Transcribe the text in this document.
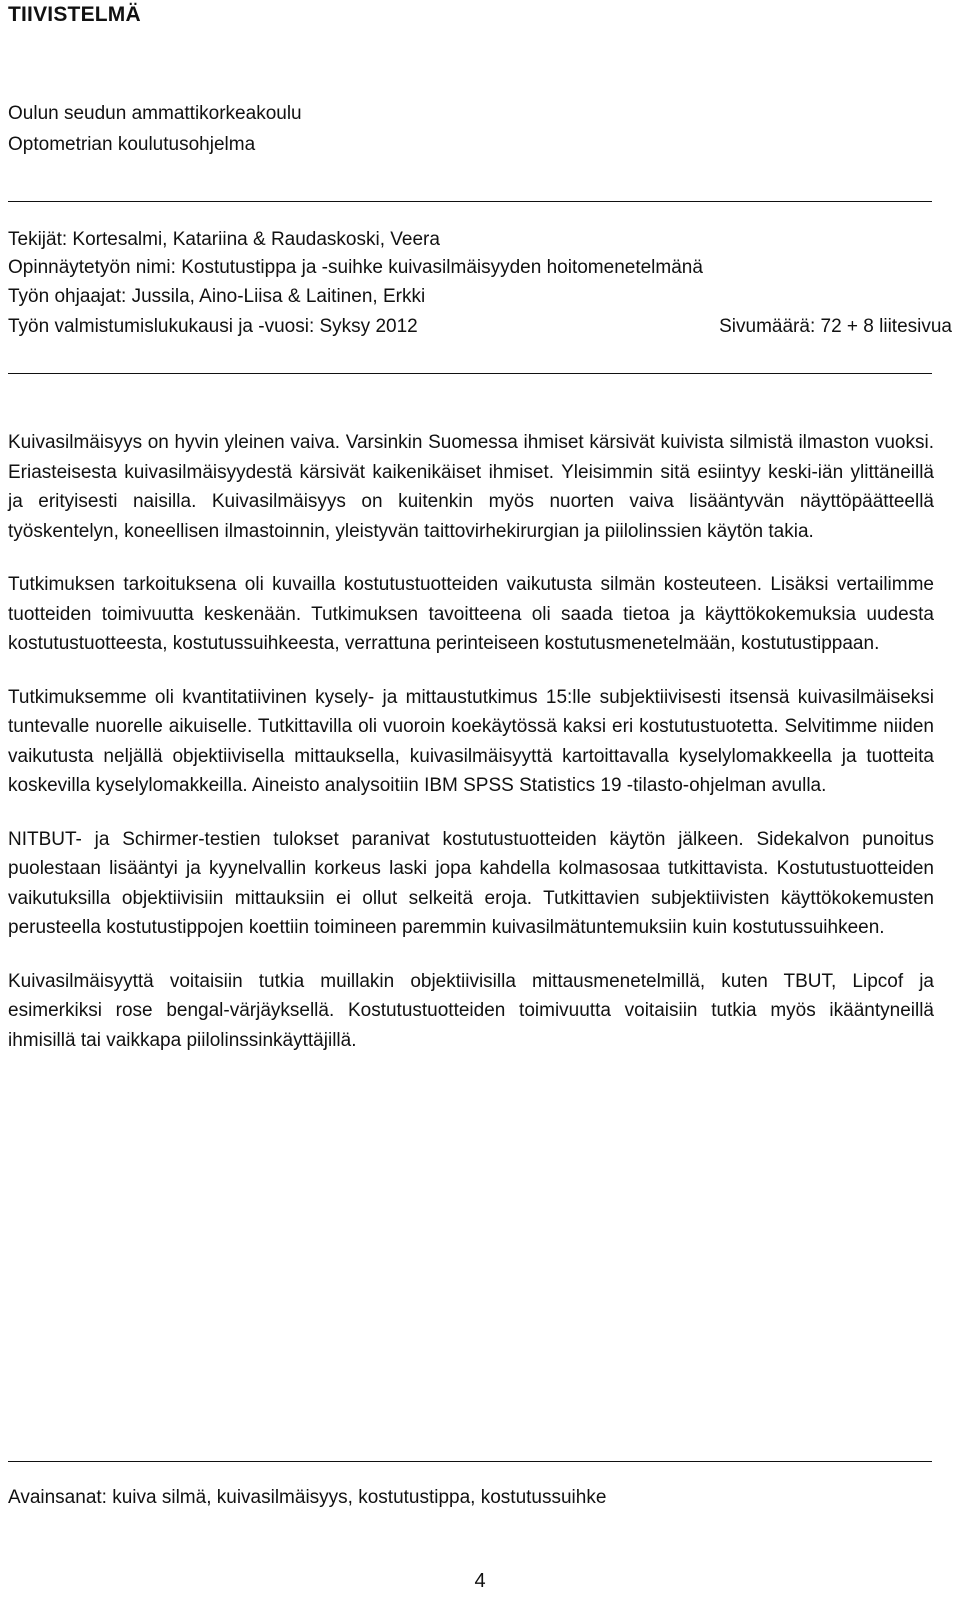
TIIVISTELMÄ
Oulun seudun ammattikorkeakoulu
Optometrian koulutusohjelma
Tekijät: Kortesalmi, Katariina & Raudaskoski, Veera
Opinnäytetyön nimi: Kostutustippa ja -suihke kuivasilmäisyyden hoitomenetelmänä
Työn ohjaajat: Jussila, Aino-Liisa & Laitinen, Erkki
Työn valmistumislukukausi ja -vuosi: Syksy 2012	Sivumäärä: 72 + 8 liitesivua

Kuivasilmäisyys on hyvin yleinen vaiva. Varsinkin Suomessa ihmiset kärsivät kuivista silmistä ilmaston vuoksi. Eriasteisesta kuivasilmäisyydestä kärsivät kaikenikäiset ihmiset. Yleisimmin sitä esiintyy keski-iän ylittäneillä ja erityisesti naisilla. Kuivasilmäisyys on kuitenkin myös nuorten vaiva lisääntyvän näyttöpäätteellä työskentelyn, koneellisen ilmastoinnin, yleistyvän taittovirhekirurgian ja piilolinssien käytön takia.

Tutkimuksen tarkoituksena oli kuvailla kostutustuotteiden vaikutusta silmän kosteuteen. Lisäksi vertailimme tuotteiden toimivuutta keskenään. Tutkimuksen tavoitteena oli saada tietoa ja käyttökokemuksia uudesta kostutustuotteesta, kostutussuihkeesta, verrattuna perinteiseen kostutusmenetelmään, kostutustippaan.

Tutkimuksemme oli kvantitatiivinen kysely- ja mittaustutkimus 15:lle subjektiivisesti itsensä kuivasilmäiseksi tuntevalle nuorelle aikuiselle. Tutkittavilla oli vuoroin koekäytössä kaksi eri kostutustuotetta. Selvitimme niiden vaikutusta neljällä objektiivisella mittauksella, kuivasilmäisyyttä kartoittavalla kyselylomakkeella ja tuotteita koskevilla kyselylomakkeilla. Aineisto analysoitiin IBM SPSS Statistics 19 -tilasto-ohjelman avulla.

NITBUT- ja Schirmer-testien tulokset paranivat kostutustuotteiden käytön jälkeen. Sidekalvon punoitus puolestaan lisääntyi ja kyynelvallin korkeus laski jopa kahdella kolmasosaa tutkittavista. Kostutustuotteiden vaikutuksilla objektiivisiin mittauksiin ei ollut selkeitä eroja. Tutkittavien subjektiivisten käyttökokemusten perusteella kostutustippojen koettiin toimineen paremmin kuivasilmätuntemuksiin kuin kostutussuihkeen.

Kuivasilmäisyyttä voitaisiin tutkia muillakin objektiivisilla mittausmenetelmillä, kuten TBUT, Lipcof ja esimerkiksi rose bengal-värjäyksellä. Kostutustuotteiden toimivuutta voitaisiin tutkia myös ikääntyneillä ihmisillä tai vaikkapa piilolinssinkäyttäjillä.

Avainsanat: kuiva silmä, kuivasilmäisyys, kostutustippa, kostutussuihke
4
